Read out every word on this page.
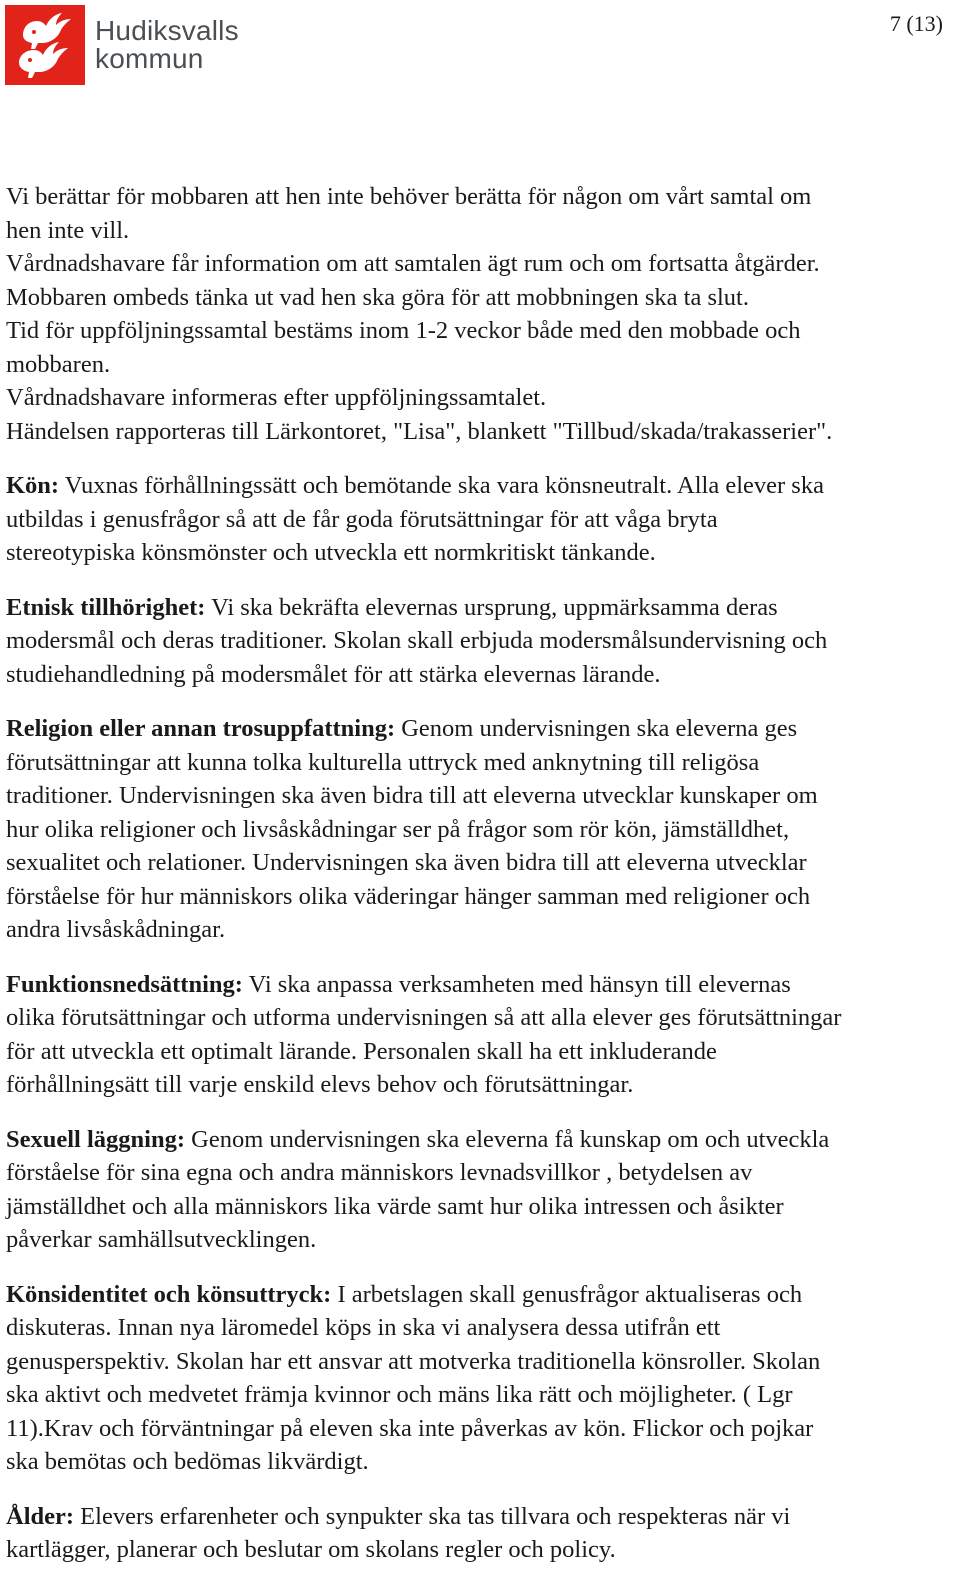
Hudiksvalls
kommun
7 (13)
Vi berättar för mobbaren att hen inte behöver berätta för någon om vårt samtal om
hen inte vill.
Vårdnadshavare får information om att samtalen ägt rum och om fortsatta åtgärder.
Mobbaren ombeds tänka ut vad hen ska göra för att mobbningen ska ta slut.
Tid för uppföljningssamtal bestäms inom 1-2 veckor både med den mobbade och
mobbaren.
Vårdnadshavare informeras efter uppföljningssamtalet.
Händelsen rapporteras till Lärkontoret, "Lisa", blankett "Tillbud/skada/trakasserier".
Kön: Vuxnas förhållningssätt och bemötande ska vara könsneutralt. Alla elever ska
utbildas i genusfrågor så att de får goda förutsättningar för att våga bryta
stereotypiska könsmönster och utveckla ett normkritiskt tänkande.
Etnisk tillhörighet: Vi ska bekräfta elevernas ursprung, uppmärksamma deras
modersmål och deras traditioner. Skolan skall erbjuda modersmålsundervisning och
studiehandledning på modersmålet för att stärka elevernas lärande.
Religion eller annan trosuppfattning: Genom undervisningen ska eleverna ges
förutsättningar att kunna tolka kulturella uttryck med anknytning till religösa
traditioner. Undervisningen ska även bidra till att eleverna utvecklar kunskaper om
hur olika religioner och livsåskådningar ser på frågor som rör kön, jämställdhet,
sexualitet och relationer. Undervisningen ska även bidra till att eleverna utvecklar
förståelse för hur människors olika väderingar hänger samman med religioner och
andra livsåskådningar.
Funktionsnedsättning: Vi ska anpassa verksamheten med hänsyn till elevernas
olika förutsättningar och utforma undervisningen så att alla elever ges förutsättningar
för att utveckla ett optimalt lärande. Personalen skall ha ett inkluderande
förhållningsätt till varje enskild elevs behov och förutsättningar.
Sexuell läggning: Genom undervisningen ska eleverna få kunskap om och utveckla
förståelse för sina egna och andra människors levnadsvillkor , betydelsen av
jämställdhet och alla människors lika värde samt hur olika intressen och åsikter
påverkar samhällsutvecklingen.
Könsidentitet och könsuttryck: I arbetslagen skall genusfrågor aktualiseras och
diskuteras. Innan nya läromedel köps in ska vi analysera dessa utifrån ett
genusperspektiv. Skolan har ett ansvar att motverka traditionella könsroller. Skolan
ska aktivt och medvetet främja kvinnor och mäns lika rätt och möjligheter. ( Lgr
11).Krav och förväntningar på eleven ska inte påverkas av kön. Flickor och pojkar
ska bemötas och bedömas likvärdigt.
Ålder: Elevers erfarenheter och synpukter ska tas tillvara och respekteras när vi
kartlägger, planerar och beslutar om skolans regler och policy.
